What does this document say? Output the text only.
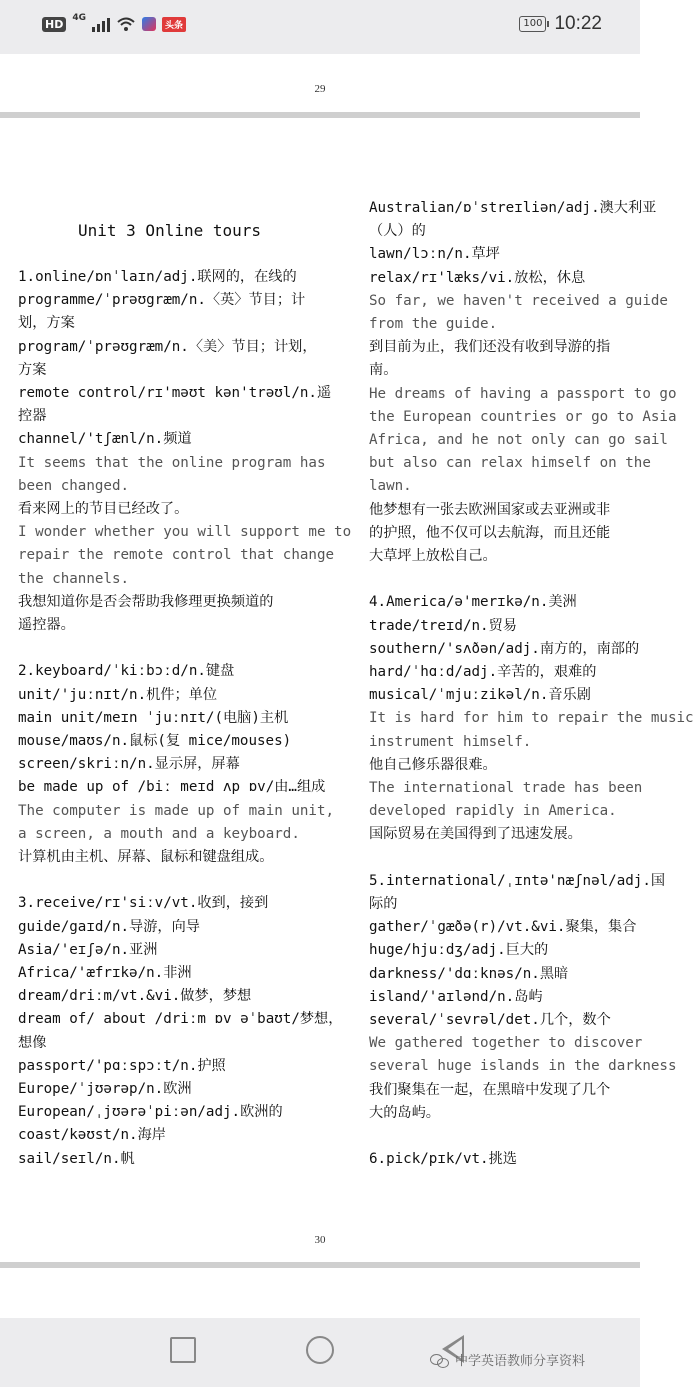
HD	4G
头条	100 10:22
29
Unit 3 Online tours
1.online/ɒnˈlaɪn/adj.联网的，在线的
programme/ˈprəʊgræm/n.〈英〉节目；计
划，方案
program/ˈprəʊgræm/n.〈美〉节目；计划，
方案
remote control/rɪ'məʊt kən'trəʊl/n.遥
控器
channel/'tʃænl/n.频道
It seems that the online program has
been changed.
看来网上的节目已经改了。
I wonder whether you will support me to
repair the remote control that change
the channels.
我想知道你是否会帮助我修理更换频道的
遥控器。
2.keyboard/ˈkiːbɔːd/n.键盘
unit/'juːnɪt/n.机件；单位
main unit/meɪn ˈjuːnɪt/(电脑)主机
mouse/maʊs/n.鼠标(复 mice/mouses)
screen/skriːn/n.显示屏，屏幕
be made up of /biː meɪd ʌp ɒv/由…组成
The computer is made up of main unit,
a screen, a mouth and a keyboard.
计算机由主机、屏幕、鼠标和键盘组成。
3.receive/rɪ'siːv/vt.收到，接到
guide/gaɪd/n.导游，向导
Asia/'eɪʃə/n.亚洲
Africa/'æfrɪkə/n.非洲
dream/driːm/vt.&vi.做梦，梦想
dream of/ about /driːm ɒv əˈbaʊt/梦想，
想像
passport/'pɑːspɔːt/n.护照
Europe/ˈjʊərəp/n.欧洲
European/ˌjʊərəˈpiːən/adj.欧洲的
coast/kəʊst/n.海岸
sail/seɪl/n.帆
Australian/ɒˈstreɪliən/adj.澳大利亚
（人）的
lawn/lɔːn/n.草坪
relax/rɪ'læks/vi.放松，休息
So far, we haven't received a guide
from the guide.
到目前为止，我们还没有收到导游的指
南。
He dreams of having a passport to go
the European countries or go to Asia
Africa, and he not only can go sail
but also can relax himself on the
lawn.
他梦想有一张去欧洲国家或去亚洲或非
的护照，他不仅可以去航海，而且还能
大草坪上放松自己。
4.America/ə'merɪkə/n.美洲
trade/treɪd/n.贸易
southern/'sʌðən/adj.南方的，南部的
hard/ˈhɑːd/adj.辛苦的，艰难的
musical/ˈmjuːzikəl/n.音乐剧
It is hard for him to repair the music
instrument himself.
他自己修乐器很难。
The international trade has been
developed rapidly in America.
国际贸易在美国得到了迅速发展。
5.international/ˌɪntə'næʃnəl/adj.国
际的
gather/ˈgæðə(r)/vt.&vi.聚集，集合
huge/hjuːdʒ/adj.巨大的
darkness/'dɑːknəs/n.黑暗
island/'aɪlənd/n.岛屿
several/ˈsevrəl/det.几个，数个
We gathered together to discover
several huge islands in the darkness
我们聚集在一起，在黑暗中发现了几个
大的岛屿。
6.pick/pɪk/vt.挑选
30
中学英语教师分享资料
